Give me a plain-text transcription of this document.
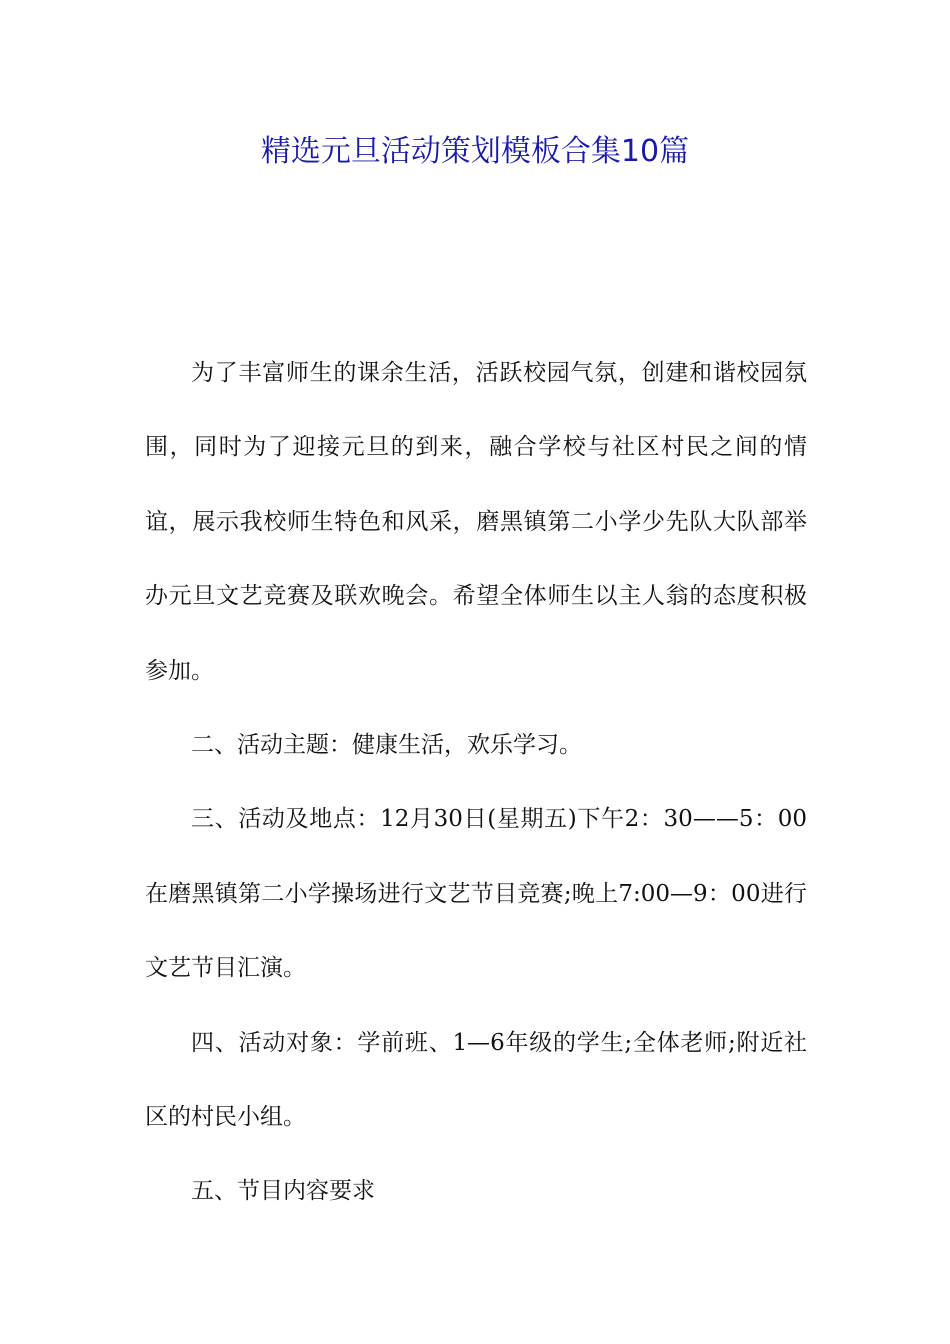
精选元旦活动策划模板合集10篇

为了丰富师生的课余生活，活跃校园气氛，创建和谐校园氛围，同时为了迎接元旦的到来，融合学校与社区村民之间的情谊，展示我校师生特色和风采，磨黑镇第二小学少先队大队部举办元旦文艺竞赛及联欢晚会。希望全体师生以主人翁的态度积极参加。

二、活动主题：健康生活，欢乐学习。

三、活动及地点：12月30日(星期五)下午2：30——5：00在磨黑镇第二小学操场进行文艺节目竞赛;晚上7:00—9：00进行文艺节目汇演。

四、活动对象：学前班、1—6年级的学生;全体老师;附近社区的村民小组。

五、节目内容要求
